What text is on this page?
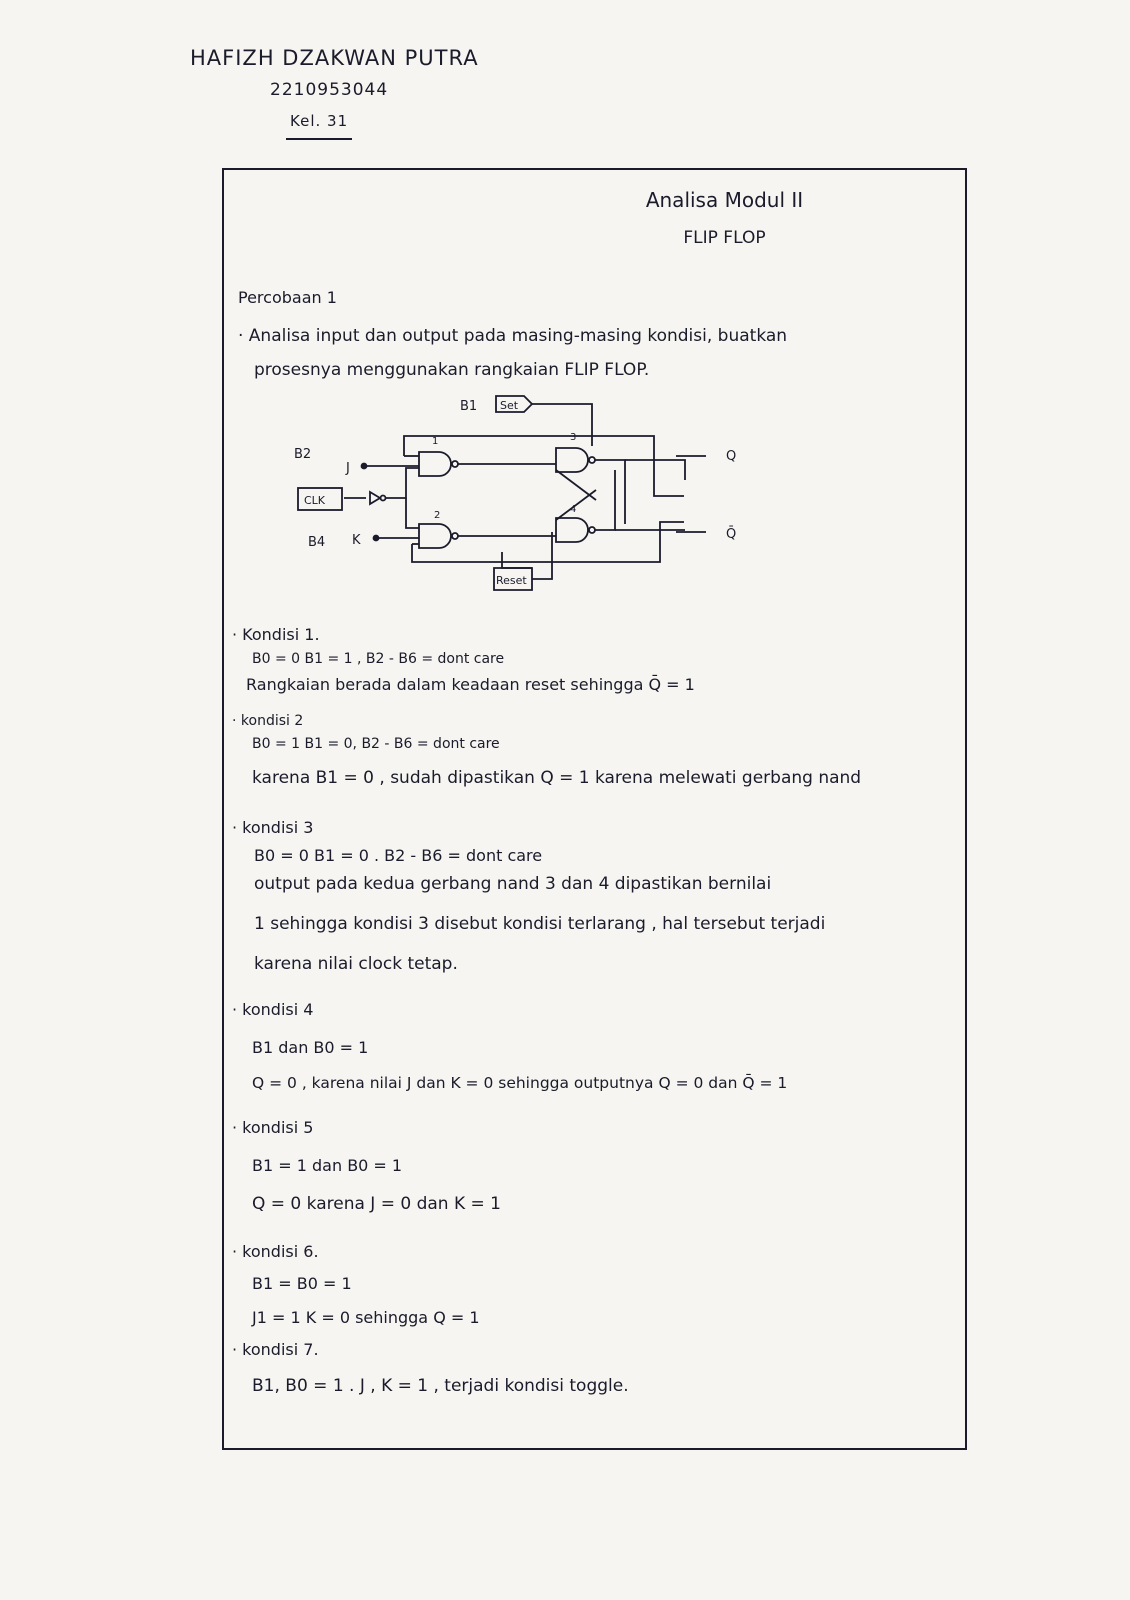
HAFIZH DZAKWAN PUTRA
2210953044
Kel. 31
Analisa Modul II
FLIP FLOP
Percobaan 1
· Analisa input dan output pada masing-masing kondisi, buatkan
prosesnya menggunakan rangkaian FLIP FLOP.
B1 Set
B2
J
CLK
B4 K
Reset
Q
Q̄
1
2
3
4
· Kondisi 1.
B0 = 0 B1 = 1 , B2 - B6 = dont care
Rangkaian berada dalam keadaan reset sehingga Q̄ = 1
· kondisi 2
B0 = 1 B1 = 0, B2 - B6 = dont care
karena B1 = 0 , sudah dipastikan Q = 1 karena melewati gerbang nand
· kondisi 3
B0 = 0 B1 = 0 . B2 - B6 = dont care
output pada kedua gerbang nand 3 dan 4 dipastikan bernilai
1 sehingga kondisi 3 disebut kondisi terlarang , hal tersebut terjadi
karena nilai clock tetap.
· kondisi 4
B1 dan B0 = 1
Q = 0 , karena nilai J dan K = 0 sehingga outputnya Q = 0 dan Q̄ = 1
· kondisi 5
B1 = 1 dan B0 = 1
Q = 0 karena J = 0 dan K = 1
· kondisi 6.
B1 = B0 = 1
J1 = 1 K = 0 sehingga Q = 1
· kondisi 7.
B1, B0 = 1 . J , K = 1 , terjadi kondisi toggle.
